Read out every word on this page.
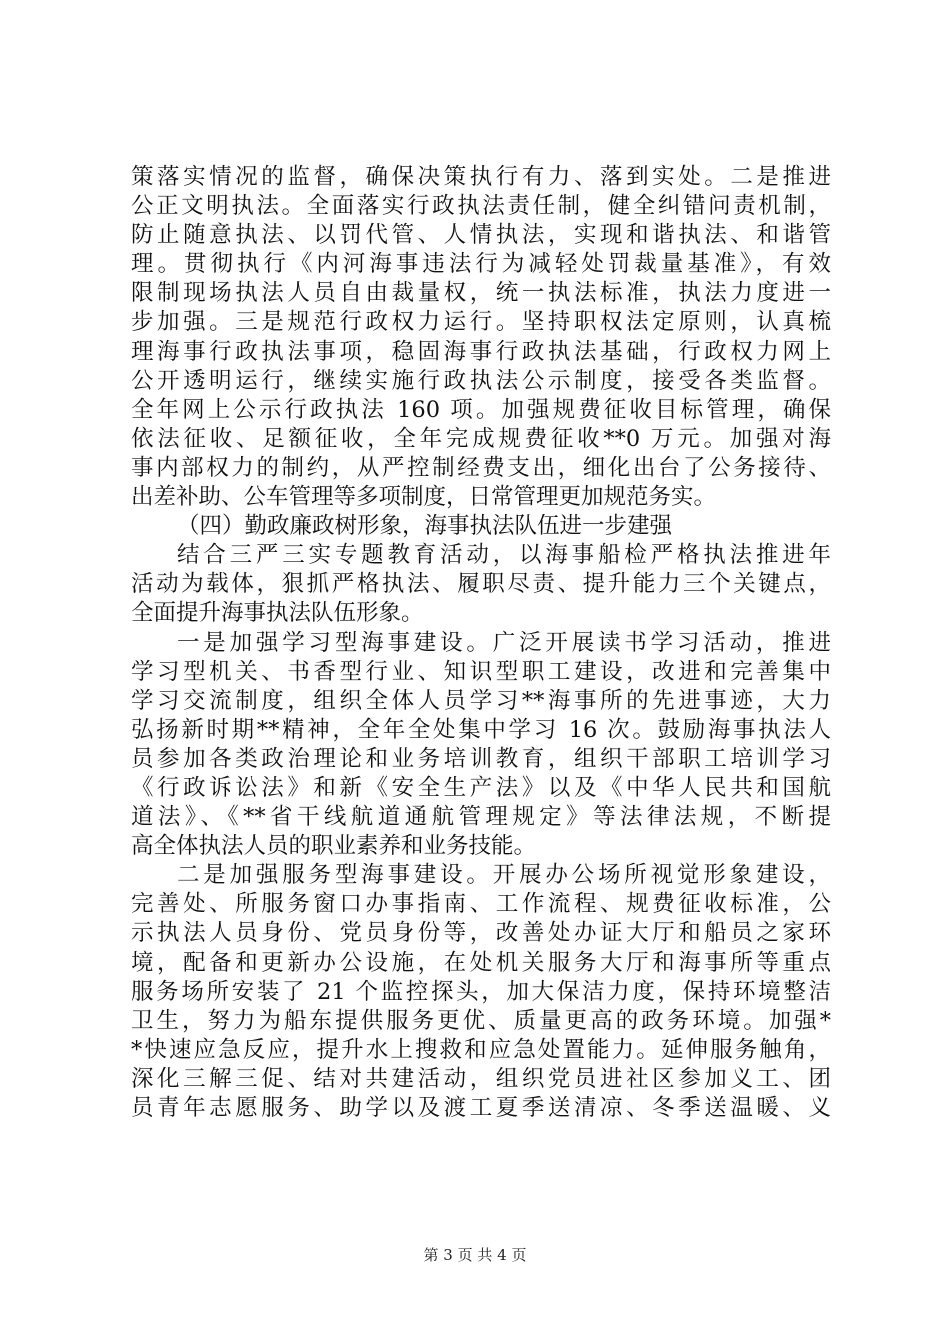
策落实情况的监督，确保决策执行有力、落到实处。二是推进
公正文明执法。全面落实行政执法责任制，健全纠错问责机制，
防止随意执法、以罚代管、人情执法，实现和谐执法、和谐管
理。贯彻执行《内河海事违法行为减轻处罚裁量基准》，有效
限制现场执法人员自由裁量权，统一执法标准，执法力度进一
步加强。三是规范行政权力运行。坚持职权法定原则，认真梳
理海事行政执法事项，稳固海事行政执法基础，行政权力网上
公开透明运行，继续实施行政执法公示制度，接受各类监督。
全年网上公示行政执法 160 项。加强规费征收目标管理，确保
依法征收、足额征收，全年完成规费征收**0 万元。加强对海
事内部权力的制约，从严控制经费支出，细化出台了公务接待、
出差补助、公车管理等多项制度，日常管理更加规范务实。
（四）勤政廉政树形象，海事执法队伍进一步建强
结合三严三实专题教育活动，以海事船检严格执法推进年
活动为载体，狠抓严格执法、履职尽责、提升能力三个关键点，
全面提升海事执法队伍形象。
一是加强学习型海事建设。广泛开展读书学习活动，推进
学习型机关、书香型行业、知识型职工建设，改进和完善集中
学习交流制度，组织全体人员学习**海事所的先进事迹，大力
弘扬新时期**精神，全年全处集中学习 16 次。鼓励海事执法人
员参加各类政治理论和业务培训教育，组织干部职工培训学习
《行政诉讼法》和新《安全生产法》以及《中华人民共和国航
道法》、《**省干线航道通航管理规定》等法律法规，不断提
高全体执法人员的职业素养和业务技能。
二是加强服务型海事建设。开展办公场所视觉形象建设，
完善处、所服务窗口办事指南、工作流程、规费征收标准，公
示执法人员身份、党员身份等，改善处办证大厅和船员之家环
境，配备和更新办公设施，在处机关服务大厅和海事所等重点
服务场所安装了 21 个监控探头，加大保洁力度，保持环境整洁
卫生，努力为船东提供服务更优、质量更高的政务环境。加强*
*快速应急反应，提升水上搜救和应急处置能力。延伸服务触角，
深化三解三促、结对共建活动，组织党员进社区参加义工、团
员青年志愿服务、助学以及渡工夏季送清凉、冬季送温暖、义
第 3 页 共 4 页
